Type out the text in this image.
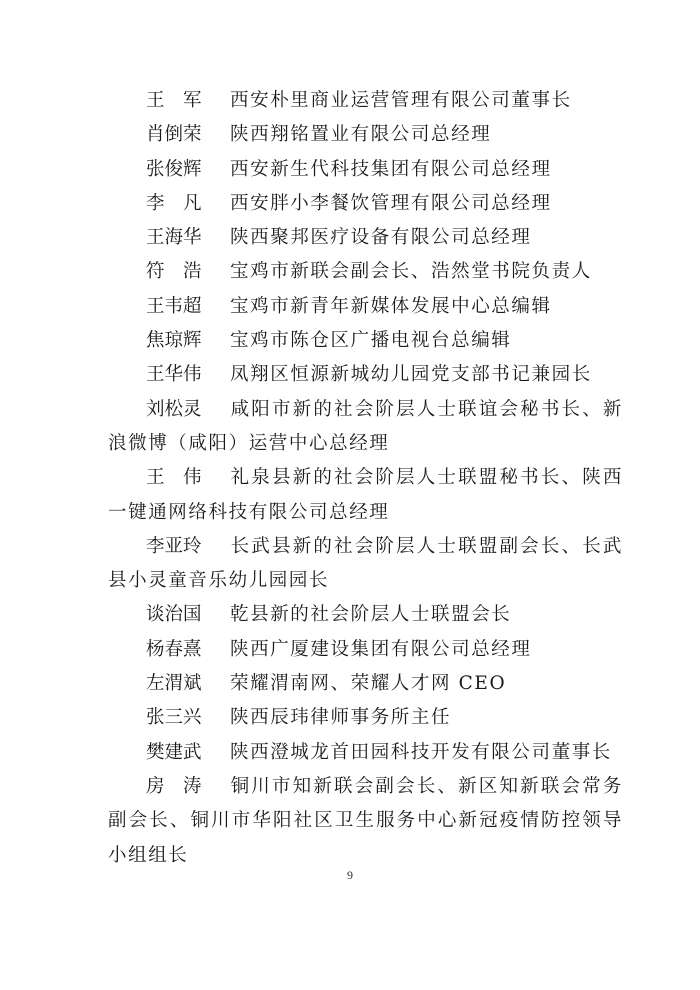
王　军 西安朴里商业运营管理有限公司董事长
肖倒荣 陕西翔铭置业有限公司总经理
张俊辉 西安新生代科技集团有限公司总经理
李　凡 西安胖小李餐饮管理有限公司总经理
王海华 陕西聚邦医疗设备有限公司总经理
符　浩 宝鸡市新联会副会长、浩然堂书院负责人
王韦超 宝鸡市新青年新媒体发展中心总编辑
焦琼辉 宝鸡市陈仓区广播电视台总编辑
王华伟 凤翔区恒源新城幼儿园党支部书记兼园长
刘松灵 咸阳市新的社会阶层人士联谊会秘书长、新浪微博（咸阳）运营中心总经理
王　伟 礼泉县新的社会阶层人士联盟秘书长、陕西一键通网络科技有限公司总经理
李亚玲 长武县新的社会阶层人士联盟副会长、长武县小灵童音乐幼儿园园长
谈治国 乾县新的社会阶层人士联盟会长
杨春熹 陕西广厦建设集团有限公司总经理
左渭斌 荣耀渭南网、荣耀人才网 CEO
张三兴 陕西辰玮律师事务所主任
樊建武 陕西澄城龙首田园科技开发有限公司董事长
房　涛 铜川市知新联会副会长、新区知新联会常务副会长、铜川市华阳社区卫生服务中心新冠疫情防控领导小组组长
9
